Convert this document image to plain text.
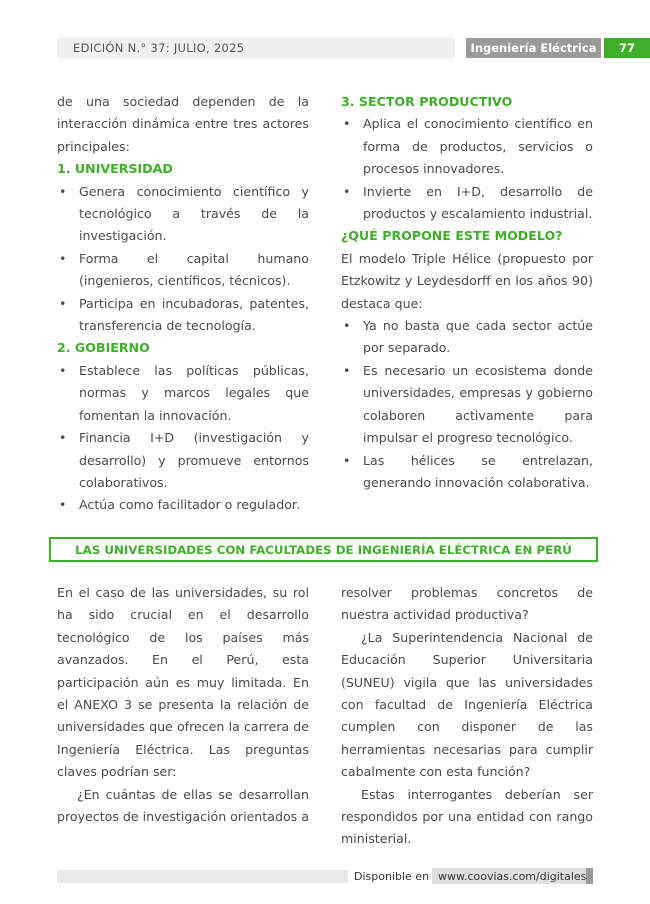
EDICIÓN N.° 37: JULIO, 2025	Ingeniería Eléctrica	77

de una sociedad dependen de la interacción dinámica entre tres actores principales:

1. UNIVERSIDAD
• Genera conocimiento científico y tecnológico a través de la investigación.
• Forma el capital humano (ingenieros, científicos, técnicos).
• Participa en incubadoras, patentes, transferencia de tecnología.
2. GOBIERNO
• Establece las políticas públicas, normas y marcos legales que fomentan la innovación.
• Financia I+D (investigación y desarrollo) y promueve entornos colaborativos.
• Actúa como facilitador o regulador.
3. SECTOR PRODUCTIVO
• Aplica el conocimiento científico en forma de productos, servicios o procesos innovadores.
• Invierte en I+D, desarrollo de productos y escalamiento industrial.
¿QUÉ PROPONE ESTE MODELO?

El modelo Triple Hélice (propuesto por Etzkowitz y Leydesdorff en los años 90) destaca que:

• Ya no basta que cada sector actúe por separado.
• Es necesario un ecosistema donde universidades, empresas y gobierno colaboren activamente para impulsar el progreso tecnológico.
• Las hélices se entrelazan, generando innovación colaborativa.
LAS UNIVERSIDADES CON FACULTADES DE INGENIERÍA ELÉCTRICA EN PERÚ

En el caso de las universidades, su rol ha sido crucial en el desarrollo tecnológico de los países más avanzados. En el Perú, esta participación aún es muy limitada. En el ANEXO 3 se presenta la relación de universidades que ofrecen la carrera de Ingeniería Eléctrica. Las preguntas claves podrían ser:

¿En cuántas de ellas se desarrollan proyectos de investigación orientados a

resolver problemas concretos de nuestra actividad productiva?

¿La Superintendencia Nacional de Educación Superior Universitaria (SUNEU) vigila que las universidades con facultad de Ingeniería Eléctrica cumplen con disponer de las herramientas necesarias para cumplir cabalmente con esta función?

Estas interrogantes deberían ser respondidos por una entidad con rango ministerial.

Disponible en www.coovias.com/digitales
